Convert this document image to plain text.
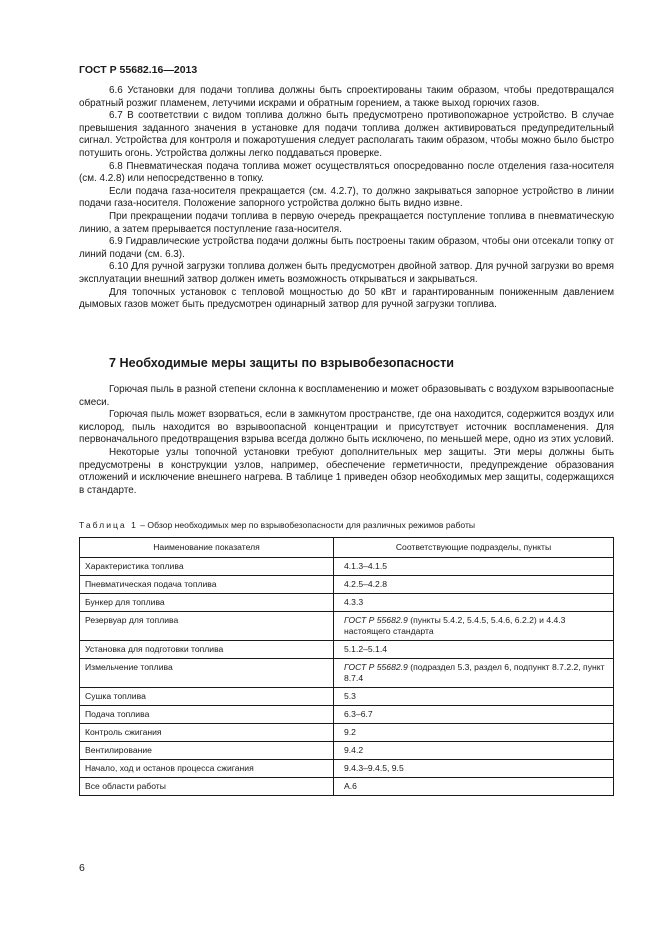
ГОСТ Р 55682.16—2013

6.6 Установки для подачи топлива должны быть спроектированы таким образом, чтобы предотвращался обратный розжиг пламенем, летучими искрами и обратным горением, а также выход горючих газов.

6.7 В соответствии с видом топлива должно быть предусмотрено противопожарное устройство. В случае превышения заданного значения в установке для подачи топлива должен активироваться предупредительный сигнал. Устройства для контроля и пожаротушения следует располагать таким образом, чтобы можно было быстро потушить огонь. Устройства должны легко поддаваться проверке.

6.8 Пневматическая подача топлива может осуществляться опосредованно после отделения газа-носителя (см. 4.2.8) или непосредственно в топку.

Если подача газа-носителя прекращается (см. 4.2.7), то должно закрываться запорное устройство в линии подачи газа-носителя. Положение запорного устройства должно быть видно извне.

При прекращении подачи топлива в первую очередь прекращается поступление топлива в пневматическую линию, а затем прерывается поступление газа-носителя.

6.9 Гидравлические устройства подачи должны быть построены таким образом, чтобы они отсекали топку от линий подачи (см. 6.3).

6.10 Для ручной загрузки топлива должен быть предусмотрен двойной затвор. Для ручной загрузки во время эксплуатации внешний затвор должен иметь возможность открываться и закрываться.

Для топочных установок с тепловой мощностью до 50 кВт и гарантированным пониженным давлением дымовых газов может быть предусмотрен одинарный затвор для ручной загрузки топлива.

7 Необходимые меры защиты по взрывобезопасности

Горючая пыль в разной степени склонна к воспламенению и может образовывать с воздухом взрывоопасные смеси.

Горючая пыль может взорваться, если в замкнутом пространстве, где она находится, содержится воздух или кислород, пыль находится во взрывоопасной концентрации и присутствует источник воспламенения. Для первоначального предотвращения взрыва всегда должно быть исключено, по меньшей мере, одно из этих условий.

Некоторые узлы топочной установки требуют дополнительных мер защиты. Эти меры должны быть предусмотрены в конструкции узлов, например, обеспечение герметичности, предупреждение образования отложений и исключение внешнего нагрева. В таблице 1 приведен обзор необходимых мер защиты, содержащихся в стандарте.

Таблица 1 – Обзор необходимых мер по взрывобезопасности для различных режимов работы
Наименование показателя	Соответствующие подразделы, пункты
Характеристика топлива	4.1.3–4.1.5
Пневматическая подача топлива	4.2.5–4.2.8
Бункер для топлива	4.3.3
Резервуар для топлива	ГОСТ Р 55682.9 (пункты 5.4.2, 5.4.5, 5.4.6, 6.2.2) и 4.4.3 настоящего стандарта
Установка для подготовки топлива	5.1.2–5.1.4
Измельчение топлива	ГОСТ Р 55682.9 (подраздел 5.3, раздел 6, подпункт 8.7.2.2, пункт 8.7.4
Сушка топлива	5.3
Подача топлива	6.3–6.7
Контроль сжигания	9.2
Вентилирование	9.4.2
Начало, ход и останов процесса сжигания	9.4.3–9.4.5, 9.5
Все области работы	А.6
6
